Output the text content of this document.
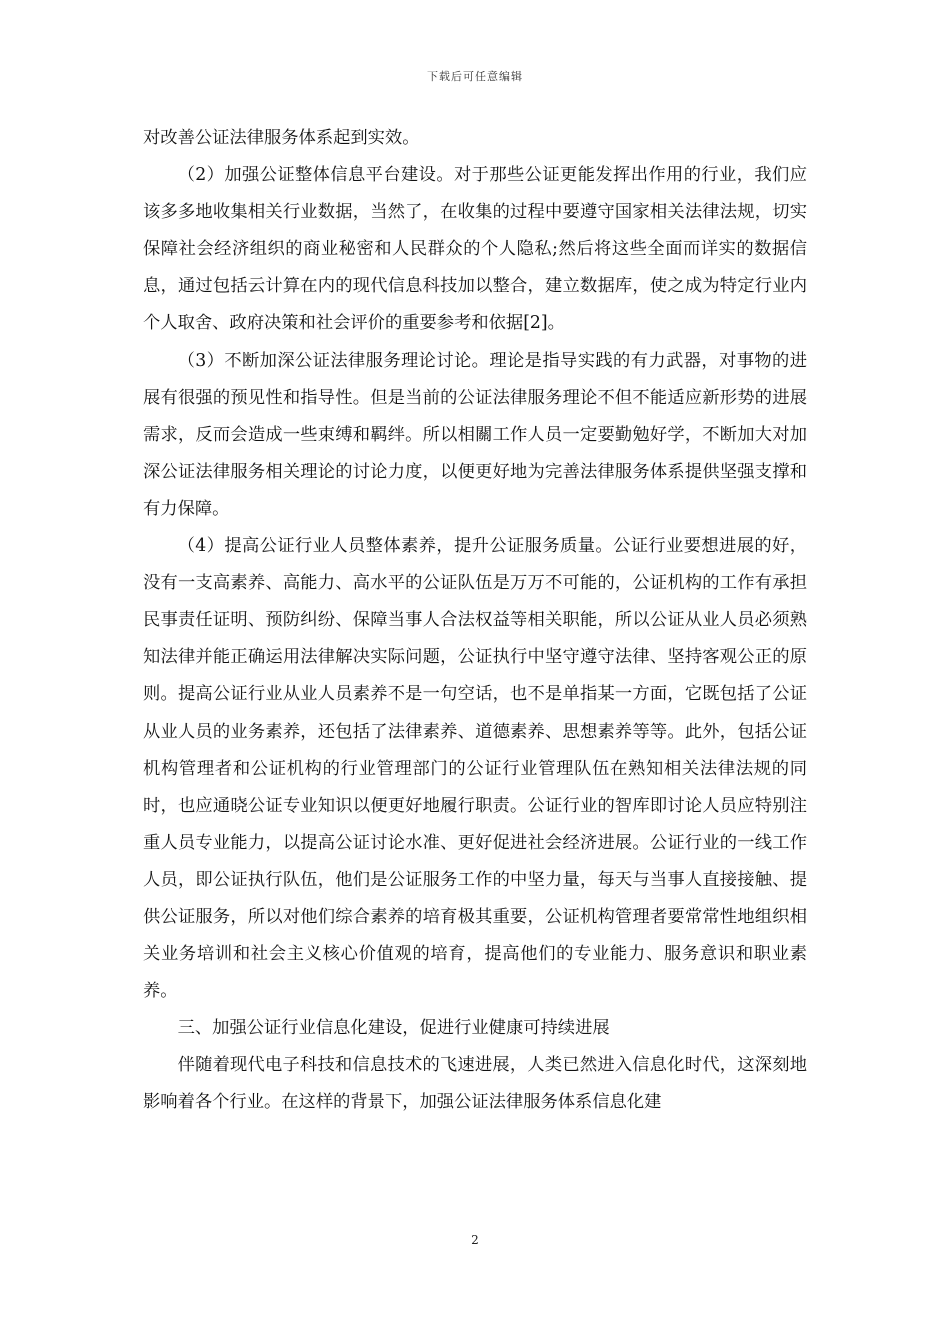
下载后可任意编辑

对改善公证法律服务体系起到实效。

（2）加强公证整体信息平台建设。对于那些公证更能发挥出作用的行业，我们应该多多地收集相关行业数据，当然了，在收集的过程中要遵守国家相关法律法规，切实保障社会经济组织的商业秘密和人民群众的个人隐私;然后将这些全面而详实的数据信息，通过包括云计算在内的现代信息科技加以整合，建立数据库，使之成为特定行业内个人取舍、政府决策和社会评价的重要参考和依据[2]。

（3）不断加深公证法律服务理论讨论。理论是指导实践的有力武器，对事物的进展有很强的预见性和指导性。但是当前的公证法律服务理论不但不能适应新形势的进展需求，反而会造成一些束缚和羁绊。所以相關工作人员一定要勤勉好学，不断加大对加深公证法律服务相关理论的讨论力度，以便更好地为完善法律服务体系提供坚强支撑和有力保障。

（4）提高公证行业人员整体素养，提升公证服务质量。公证行业要想进展的好，没有一支高素养、高能力、高水平的公证队伍是万万不可能的，公证机构的工作有承担民事责任证明、预防纠纷、保障当事人合法权益等相关职能，所以公证从业人员必须熟知法律并能正确运用法律解决实际问题，公证执行中坚守遵守法律、坚持客观公正的原则。提高公证行业从业人员素养不是一句空话，也不是单指某一方面，它既包括了公证从业人员的业务素养，还包括了法律素养、道德素养、思想素养等等。此外，包括公证机构管理者和公证机构的行业管理部门的公证行业管理队伍在熟知相关法律法规的同时，也应通晓公证专业知识以便更好地履行职责。公证行业的智库即讨论人员应特别注重人员专业能力，以提高公证讨论水准、更好促进社会经济进展。公证行业的一线工作人员，即公证执行队伍，他们是公证服务工作的中坚力量，每天与当事人直接接触、提供公证服务，所以对他们综合素养的培育极其重要，公证机构管理者要常常性地组织相关业务培训和社会主义核心价值观的培育，提高他们的专业能力、服务意识和职业素养。

三、加强公证行业信息化建设，促进行业健康可持续进展

伴随着现代电子科技和信息技术的飞速进展，人类已然进入信息化时代，这深刻地影响着各个行业。在这样的背景下，加强公证法律服务体系信息化建

2
